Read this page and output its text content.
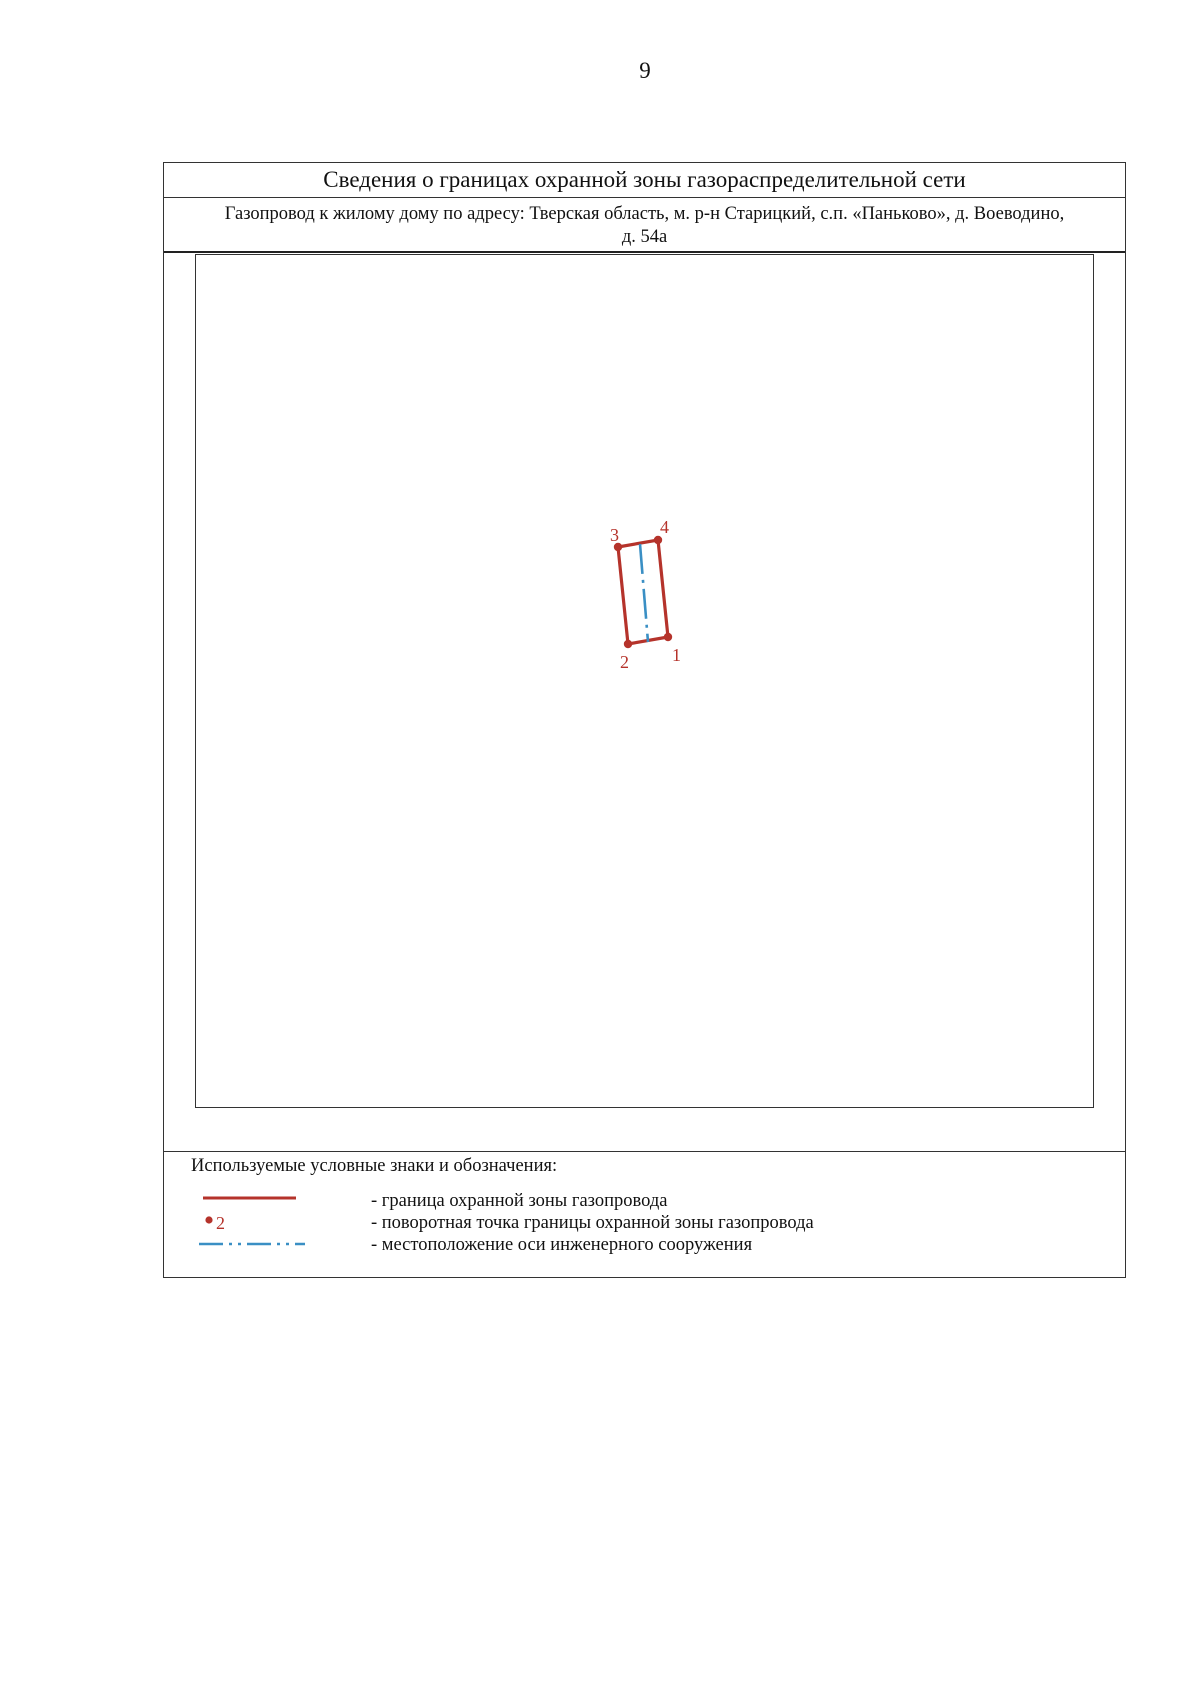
9
Сведения о границах охранной зоны газораспределительной сети
Газопровод к жилому дому по адресу: Тверская область, м. р-н Старицкий, с.п. «Паньково», д. Воеводино,
д. 54а
1
2
3 4
Используемые условные знаки и обозначения:
- граница охранной зоны газопровода
2	- поворотная точка границы охранной зоны газопровода
- местоположение оси инженерного сооружения
